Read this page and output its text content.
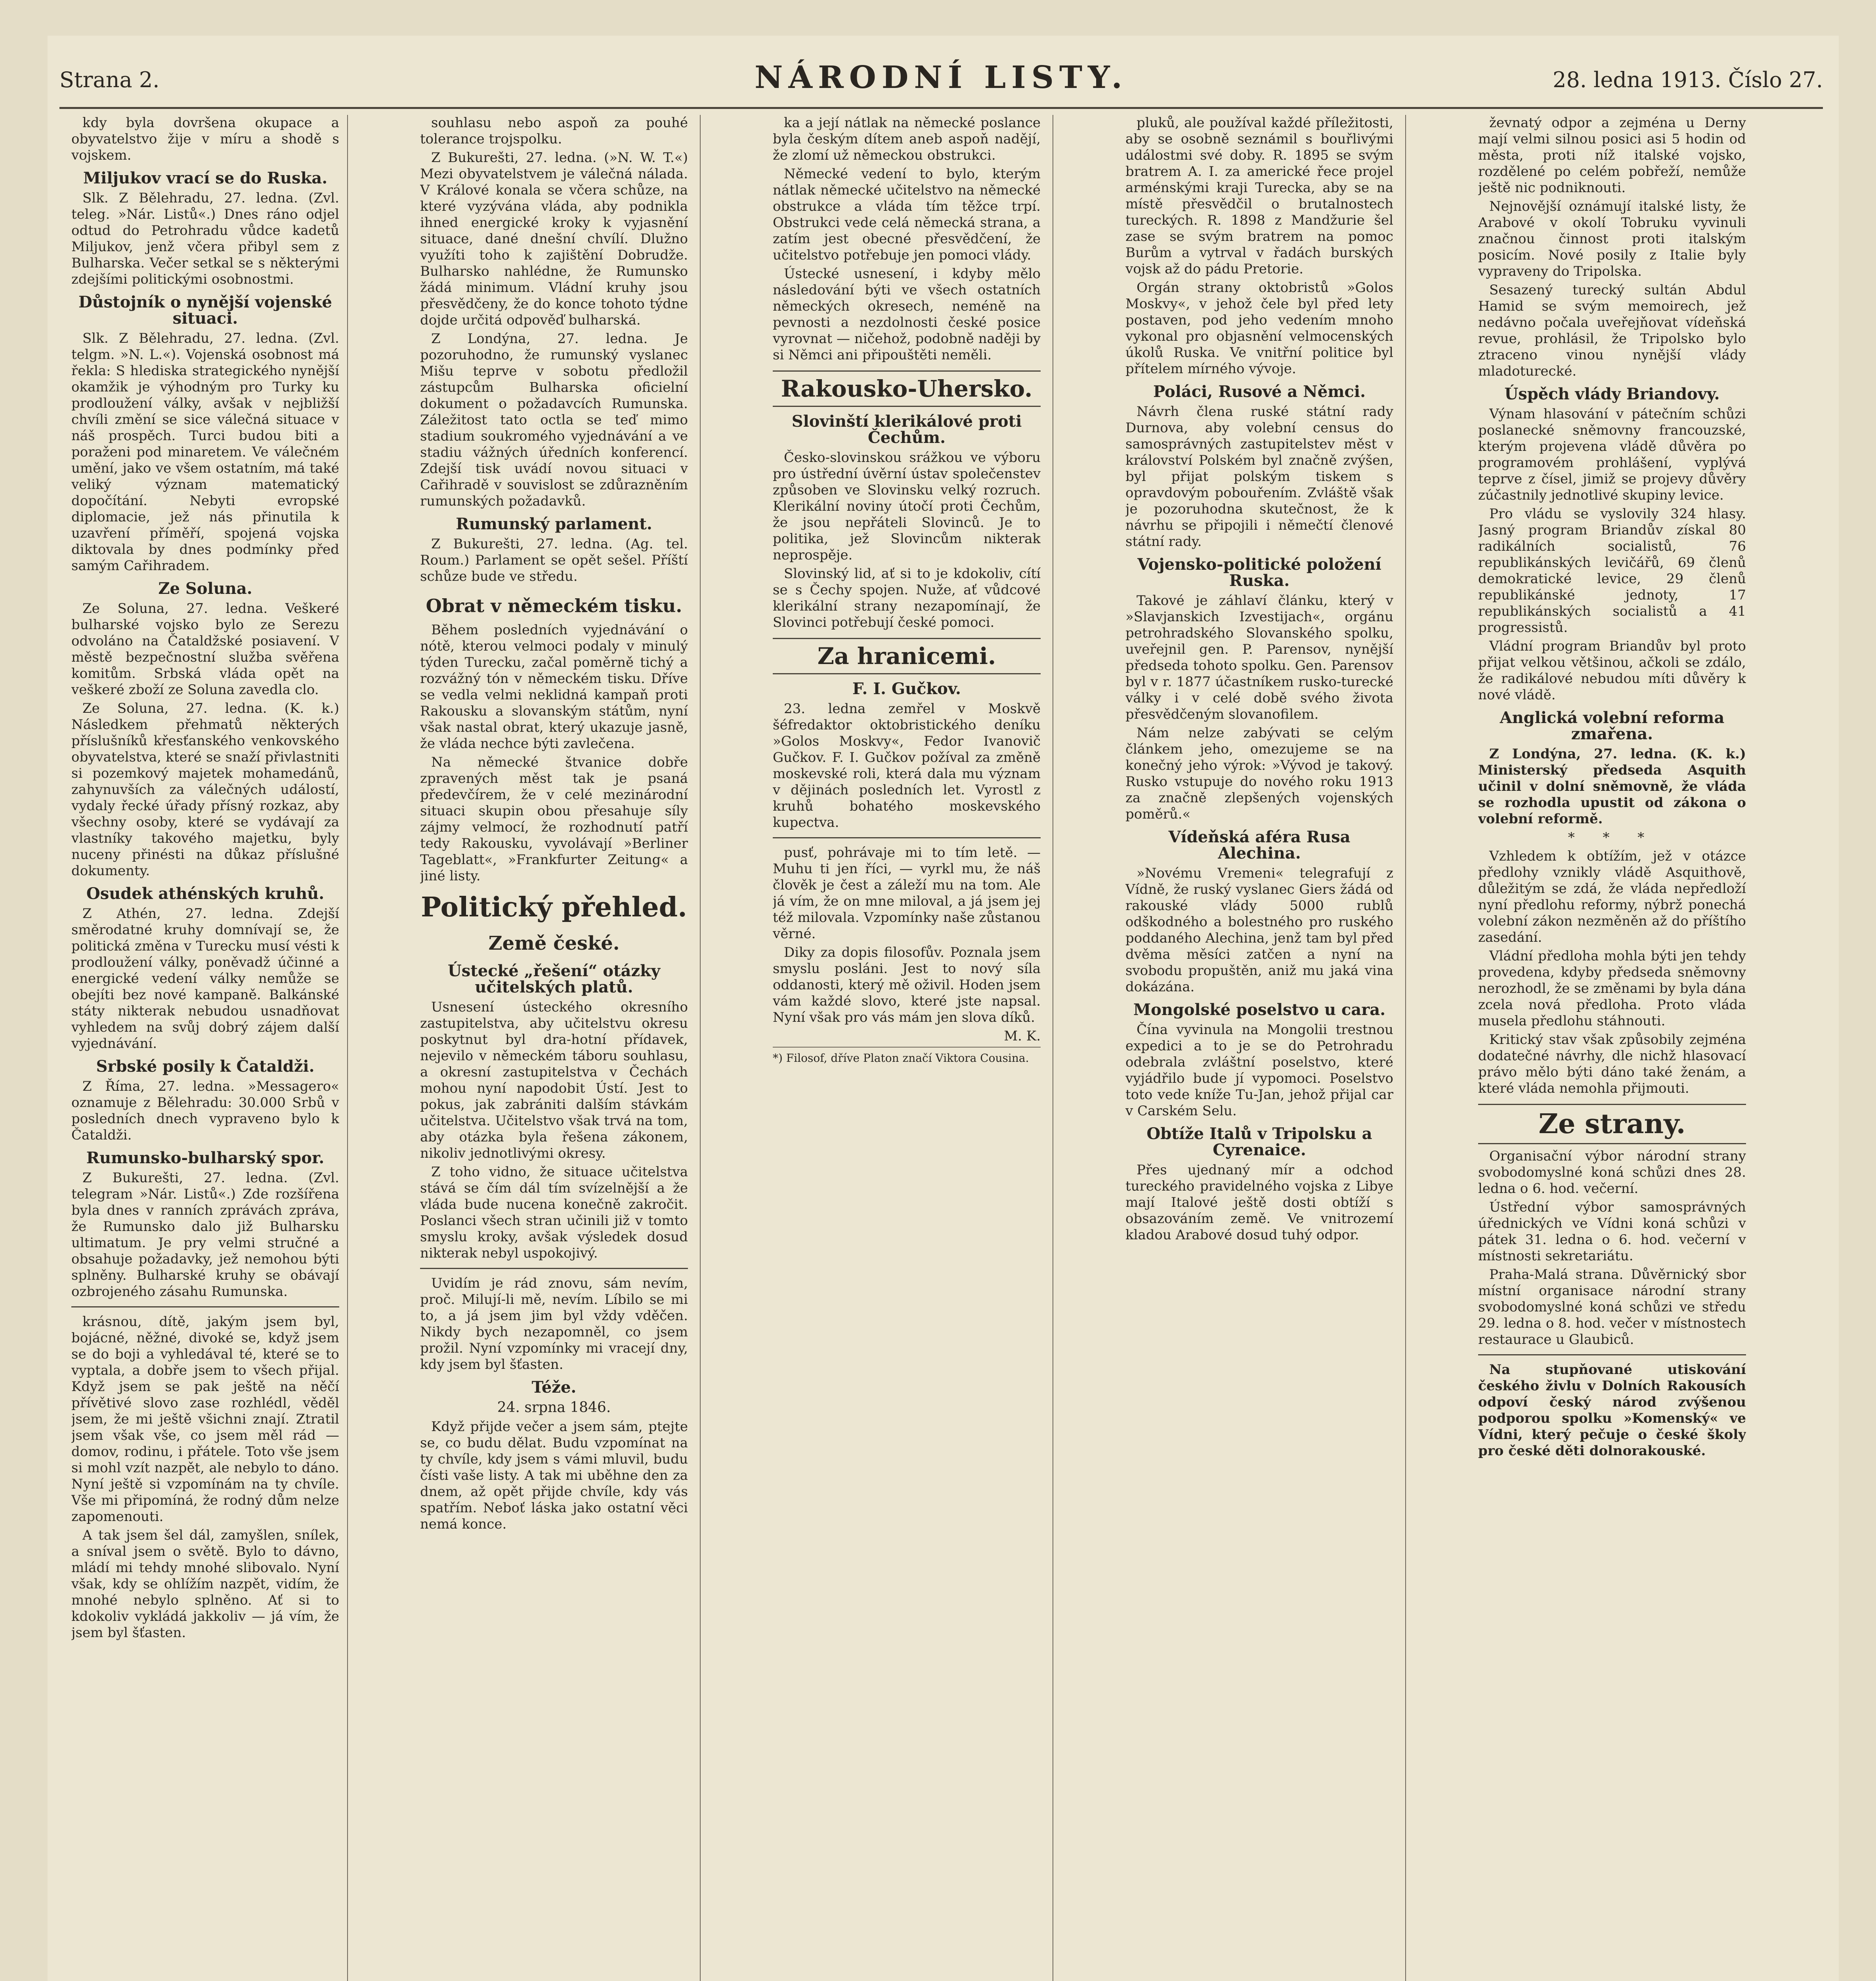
Strana 2.	NÁRODNÍ LISTY.	28. ledna 1913. Číslo 27.

kdy byla dovršena okupace a obyvatelstvo žije v míru a shodě s vojskem.

Miljukov vrací se do Ruska.

Slk. Z Bělehradu, 27. ledna. (Zvl. teleg. »Nár. Listů«.) Dnes ráno odjel odtud do Petrohradu vůdce kadetů Miljukov, jenž včera přibyl sem z Bulharska. Večer setkal se s některými zdejšími politickými osobnostmi.

Důstojník o nynější vojenské situaci.

Slk. Z Bělehradu, 27. ledna. (Zvl. telgm. »N. L.«). Vojenská osobnost má řekla: S hlediska strategického nynější okamžik je výhodným pro Turky ku prodloužení války, avšak v nejbližší chvíli změní se sice válečná situace v náš prospěch. Turci budou biti a poraženi pod minaretem. Ve válečném umění, jako ve všem ostatním, má také veliký význam matematický dopočítání. Nebyti evropské diplomacie, jež nás přinutila k uzavření příměří, spojená vojska diktovala by dnes podmínky před samým Cařihradem.

Ze Soluna.

Ze Soluna, 27. ledna. Veškeré bulharské vojsko bylo ze Serezu odvoláno na Čataldžské posiavení. V městě bezpečnostní služba svěřena komitům. Srbská vláda opět na veškeré zboží ze Soluna zavedla clo.

Ze Soluna, 27. ledna. (K. k.) Následkem přehmatů některých příslušníků křesťanského venkovského obyvatelstva, které se snaží přivlastniti si pozemkový majetek mohamedánů, zahynuvších za válečných událostí, vydaly řecké úřady přísný rozkaz, aby všechny osoby, které se vydávají za vlastníky takového majetku, byly nuceny přinésti na důkaz příslušné dokumenty.

Osudek athénských kruhů.

Z Athén, 27. ledna. Zdejší směrodatné kruhy domnívají se, že politická změna v Turecku musí vésti k prodloužení války, poněvadž účinné a energické vedení války nemůže se obejíti bez nové kampaně. Balkánské státy nikterak nebudou usnadňovat vyhledem na svůj dobrý zájem další vyjednávání.

Srbské posily k Čataldži.

Z Říma, 27. ledna. »Messagero« oznamuje z Bělehradu: 30.000 Srbů v posledních dnech vypraveno bylo k Čataldži.

Rumunsko-bulharský spor.

Z Bukurešti, 27. ledna. (Zvl. telegram »Nár. Listů«.) Zde rozšířena byla dnes v ranních zprávách zpráva, že Rumunsko dalo již Bulharsku ultimatum. Je pry velmi stručné a obsahuje požadavky, jež nemohou býti splněny. Bulharské kruhy se obávají ozbrojeného zásahu Rumunska.

krásnou, dítě, jakým jsem byl, bojácné, něžné, divoké se, když jsem se do boji a vyhledával té, které se to vyptala, a dobře jsem to všech přijal. Když jsem se pak ještě na něčí přívětivé slovo zase rozhlédl, věděl jsem, že mi ještě všichni znají. Ztratil jsem však vše, co jsem měl rád — domov, rodinu, i přátele. Toto vše jsem si mohl vzít nazpět, ale nebylo to dáno. Nyní ještě si vzpomínám na ty chvíle. Vše mi připomíná, že rodný dům nelze zapomenouti.

A tak jsem šel dál, zamyšlen, snílek, a sníval jsem o světě. Bylo to dávno, mládí mi tehdy mnohé slibovalo. Nyní však, kdy se ohlížím nazpět, vidím, že mnohé nebylo splněno. Ať si to kdokoliv vykládá jakkoliv — já vím, že jsem byl šťasten.

souhlasu nebo aspoň za pouhé tolerance trojspolku.

Z Bukurešti, 27. ledna. (»N. W. T.«) Mezi obyvatelstvem je válečná nálada. V Králové konala se včera schůze, na které vyzývána vláda, aby podnikla ihned energické kroky k vyjasnění situace, dané dnešní chvílí. Dlužno využíti toho k zajištění Dobrudže. Bulharsko nahlédne, že Rumunsko žádá minimum. Vládní kruhy jsou přesvědčeny, že do konce tohoto týdne dojde určitá odpověď bulharská.

Z Londýna, 27. ledna. Je pozoruhodno, že rumunský vyslanec Mišu teprve v sobotu předložil zástupcům Bulharska oficielní dokument o požadavcích Rumunska. Záležitost tato octla se teď mimo stadium soukromého vyjednávání a ve stadiu vážných úředních konferencí. Zdejší tisk uvádí novou situaci v Cařihradě v souvislost se zdůrazněním rumunských požadavků.

Rumunský parlament.

Z Bukurešti, 27. ledna. (Ag. tel. Roum.) Parlament se opět sešel. Příští schůze bude ve středu.

Obrat v německém tisku.

Během posledních vyjednávání o nótě, kterou velmoci podaly v minulý týden Turecku, začal poměrně tichý a rozvážný tón v německém tisku. Dříve se vedla velmi neklidná kampaň proti Rakousku a slovanským státům, nyní však nastal obrat, který ukazuje jasně, že vláda nechce býti zavlečena.

Na německé štvanice dobře zpravených měst tak je psaná předevčírem, že v celé mezinárodní situaci skupin obou přesahuje síly zájmy velmocí, že rozhodnutí patří tedy Rakousku, vyvolávají »Berliner Tageblatt«, »Frankfurter Zeitung« a jiné listy.

Politický přehled.

Země české.

Ústecké „řešení“ otázky učitelských platů.

Usnesení ústeckého okresního zastupitelstva, aby učitelstvu okresu poskytnut byl dra-hotní přídavek, nejevilo v německém táboru souhlasu, a okresní zastupitelstva v Čechách mohou nyní napodobit Ústí. Jest to pokus, jak zabrániti dalším stávkám učitelstva. Učitelstvo však trvá na tom, aby otázka byla řešena zákonem, nikoliv jednotlivými okresy.

Z toho vidno, že situace učitelstva stává se čím dál tím svízelnější a že vláda bude nucena konečně zakročit. Poslanci všech stran učinili již v tomto smyslu kroky, avšak výsledek dosud nikterak nebyl uspokojivý.

Uvidím je rád znovu, sám nevím, proč. Milují-li mě, nevím. Líbilo se mi to, a já jsem jim byl vždy vděčen. Nikdy bych nezapomněl, co jsem prožil. Nyní vzpomínky mi vracejí dny, kdy jsem byl šťasten.

Téže.

24. srpna 1846.

Když přijde večer a jsem sám, ptejte se, co budu dělat. Budu vzpomínat na ty chvíle, kdy jsem s vámi mluvil, budu čísti vaše listy. A tak mi uběhne den za dnem, až opět přijde chvíle, kdy vás spatřím. Neboť láska jako ostatní věci nemá konce.

ka a její nátlak na německé poslance byla českým dítem aneb aspoň nadějí, že zlomí už německou obstrukci.

Německé vedení to bylo, kterým nátlak německé učitelstvo na německé obstrukce a vláda tím těžce trpí. Obstrukci vede celá německá strana, a zatím jest obecné přesvědčení, že učitelstvo potřebuje jen pomoci vlády.

Ústecké usnesení, i kdyby mělo následování býti ve všech ostatních německých okresech, neméně na pevnosti a nezdolnosti české posice vyrovnat — ničehož, podobně naději by si Němci ani připouštěti neměli.

Rakousko-Uhersko.

Slovinští klerikálové proti Čechům.

Česko-slovinskou srážkou ve výboru pro ústřední úvěrní ústav společenstev způsoben ve Slovinsku velký rozruch. Klerikální noviny útočí proti Čechům, že jsou nepřáteli Slovinců. Je to politika, jež Slovincům nikterak neprospěje.

Slovinský lid, ať si to je kdokoliv, cítí se s Čechy spojen. Nuže, ať vůdcové klerikální strany nezapomínají, že Slovinci potřebují české pomoci.

Za hranicemi.

F. I. Gučkov.

23. ledna zemřel v Moskvě šéfredaktor oktobristického deníku »Golos Moskvy«, Fedor Ivanovič Gučkov. F. I. Gučkov požíval za změně moskevské roli, která dala mu význam v dějinách posledních let. Vyrostl z kruhů bohatého moskevského kupectva.

pusť, pohrávaje mi to tím letě. — Muhu ti jen říci, — vyrkl mu, že náš člověk je čest a záleží mu na tom. Ale já vím, že on mne miloval, a já jsem jej též milovala. Vzpomínky naše zůstanou věrné.

Diky za dopis filosofův. Poznala jsem smyslu posláni. Jest to nový síla oddanosti, který mě oživil. Hoden jsem vám každé slovo, které jste napsal. Nyní však pro vás mám jen slova díků.

M. K.

*) Filosof, dříve Platon značí Viktora Cousina.

pluků, ale používal každé příležitosti, aby se osobně seznámil s bouřlivými událostmi své doby. R. 1895 se svým bratrem A. I. za americké řece projel arménskými kraji Turecka, aby se na místě přesvědčil o brutalnostech tureckých. R. 1898 z Mandžurie šel zase se svým bratrem na pomoc Burům a vytrval v řadách burských vojsk až do pádu Pretorie.

Orgán strany oktobristů »Golos Moskvy«, v jehož čele byl před lety postaven, pod jeho vedením mnoho vykonal pro objasnění velmocenských úkolů Ruska. Ve vnitřní politice byl přítelem mírného vývoje.

Poláci, Rusové a Němci.

Návrh člena ruské státní rady Durnova, aby volební census do samosprávných zastupitelstev měst v království Polském byl značně zvýšen, byl přijat polským tiskem s opravdovým pobouřením. Zvláště však je pozoruhodna skutečnost, že k návrhu se připojili i němečtí členové státní rady.

Vojensko-politické položení Ruska.

Takové je záhlaví článku, který v »Slavjanskich Izvestijach«, orgánu petrohradského Slovanského spolku, uveřejnil gen. P. Parensov, nynější předseda tohoto spolku. Gen. Parensov byl v r. 1877 účastníkem rusko-turecké války i v celé době svého života přesvědčeným slovanofilem.

Nám nelze zabývati se celým článkem jeho, omezujeme se na konečný jeho výrok: »Vývod je takový. Rusko vstupuje do nového roku 1913 za značně zlepšených vojenských poměrů.«

Vídeňská aféra Rusa Alechina.

»Novému Vremeni« telegrafují z Vídně, že ruský vyslanec Giers žádá od rakouské vlády 5000 rublů odškodného a bolestného pro ruského poddaného Alechina, jenž tam byl před dvěma měsíci zatčen a nyní na svobodu propuštěn, aniž mu jaká vina dokázána.

Mongolské poselstvo u cara.

Čína vyvinula na Mongolii trestnou expedici a to je se do Petrohradu odebrala zvláštní poselstvo, které vyjádřilo bude jí vypomoci. Poselstvo toto vede kníže Tu-Jan, jehož přijal car v Carském Selu.

Obtíže Italů v Tripolsku a Cyrenaice.

Přes ujednaný mír a odchod tureckého pravidelného vojska z Libye mají Italové ještě dosti obtíží s obsazováním země. Ve vnitrozemí kladou Arabové dosud tuhý odpor.

ževnatý odpor a zejména u Derny mají velmi silnou posici asi 5 hodin od města, proti níž italské vojsko, rozdělené po celém pobřeží, nemůže ještě nic podniknouti.

Nejnovější oznámují italské listy, že Arabové v okolí Tobruku vyvinuli značnou činnost proti italským posicím. Nové posily z Italie byly vypraveny do Tripolska.

Sesazený turecký sultán Abdul Hamid se svým memoirech, jež nedávno počala uveřejňovat vídeňská revue, prohlásil, že Tripolsko bylo ztraceno vinou nynější vlády mladoturecké.

Úspěch vlády Briandovy.

Výnam hlasování v pátečním schůzi poslanecké sněmovny francouzské, kterým projevena vládě důvěra po programovém prohlášení, vyplývá teprve z čísel, jimiž se projevy důvěry zúčastnily jednotlivé skupiny levice.

Pro vládu se vyslovily 324 hlasy. Jasný program Briandův získal 80 radikálních socialistů, 76 republikánských levičářů, 69 členů demokratické levice, 29 členů republikánské jednoty, 17 republikánských socialistů a 41 progressistů.

Vládní program Briandův byl proto přijat velkou většinou, ačkoli se zdálo, že radikálové nebudou míti důvěry k nové vládě.

Anglická volební reforma zmařena.

Z Londýna, 27. ledna. (K. k.) Ministerský předseda Asquith učinil v dolní sněmovně, že vláda se rozhodla upustit od zákona o volební reformě.

* * *

Vzhledem k obtížím, jež v otázce předlohy vznikly vládě Asquithově, důležitým se zdá, že vláda nepředloží nyní předlohu reformy, nýbrž ponechá volební zákon nezměněn až do příštího zasedání.

Vládní předloha mohla býti jen tehdy provedena, kdyby předseda sněmovny nerozhodl, že se změnami by byla dána zcela nová předloha. Proto vláda musela předlohu stáhnouti.

Kritický stav však způsobily zejména dodatečné návrhy, dle nichž hlasovací právo mělo býti dáno také ženám, a které vláda nemohla přijmouti.

Ze strany.

Organisační výbor národní strany svobodomyslné koná schůzi dnes 28. ledna o 6. hod. večerní.

Ústřední výbor samosprávných úřednických ve Vídni koná schůzi v pátek 31. ledna o 6. hod. večerní v místnosti sekretariátu.

Praha-Malá strana. Důvěrnický sbor místní organisace národní strany svobodomyslné koná schůzi ve středu 29. ledna o 8. hod. večer v místnostech restaurace u Glaubiců.

Na stupňované utiskování českého živlu v Dolních Rakousích odpoví český národ zvýšenou podporou spolku »Komenský« ve Vídni, který pečuje o české školy pro české děti dolnorakouské.
